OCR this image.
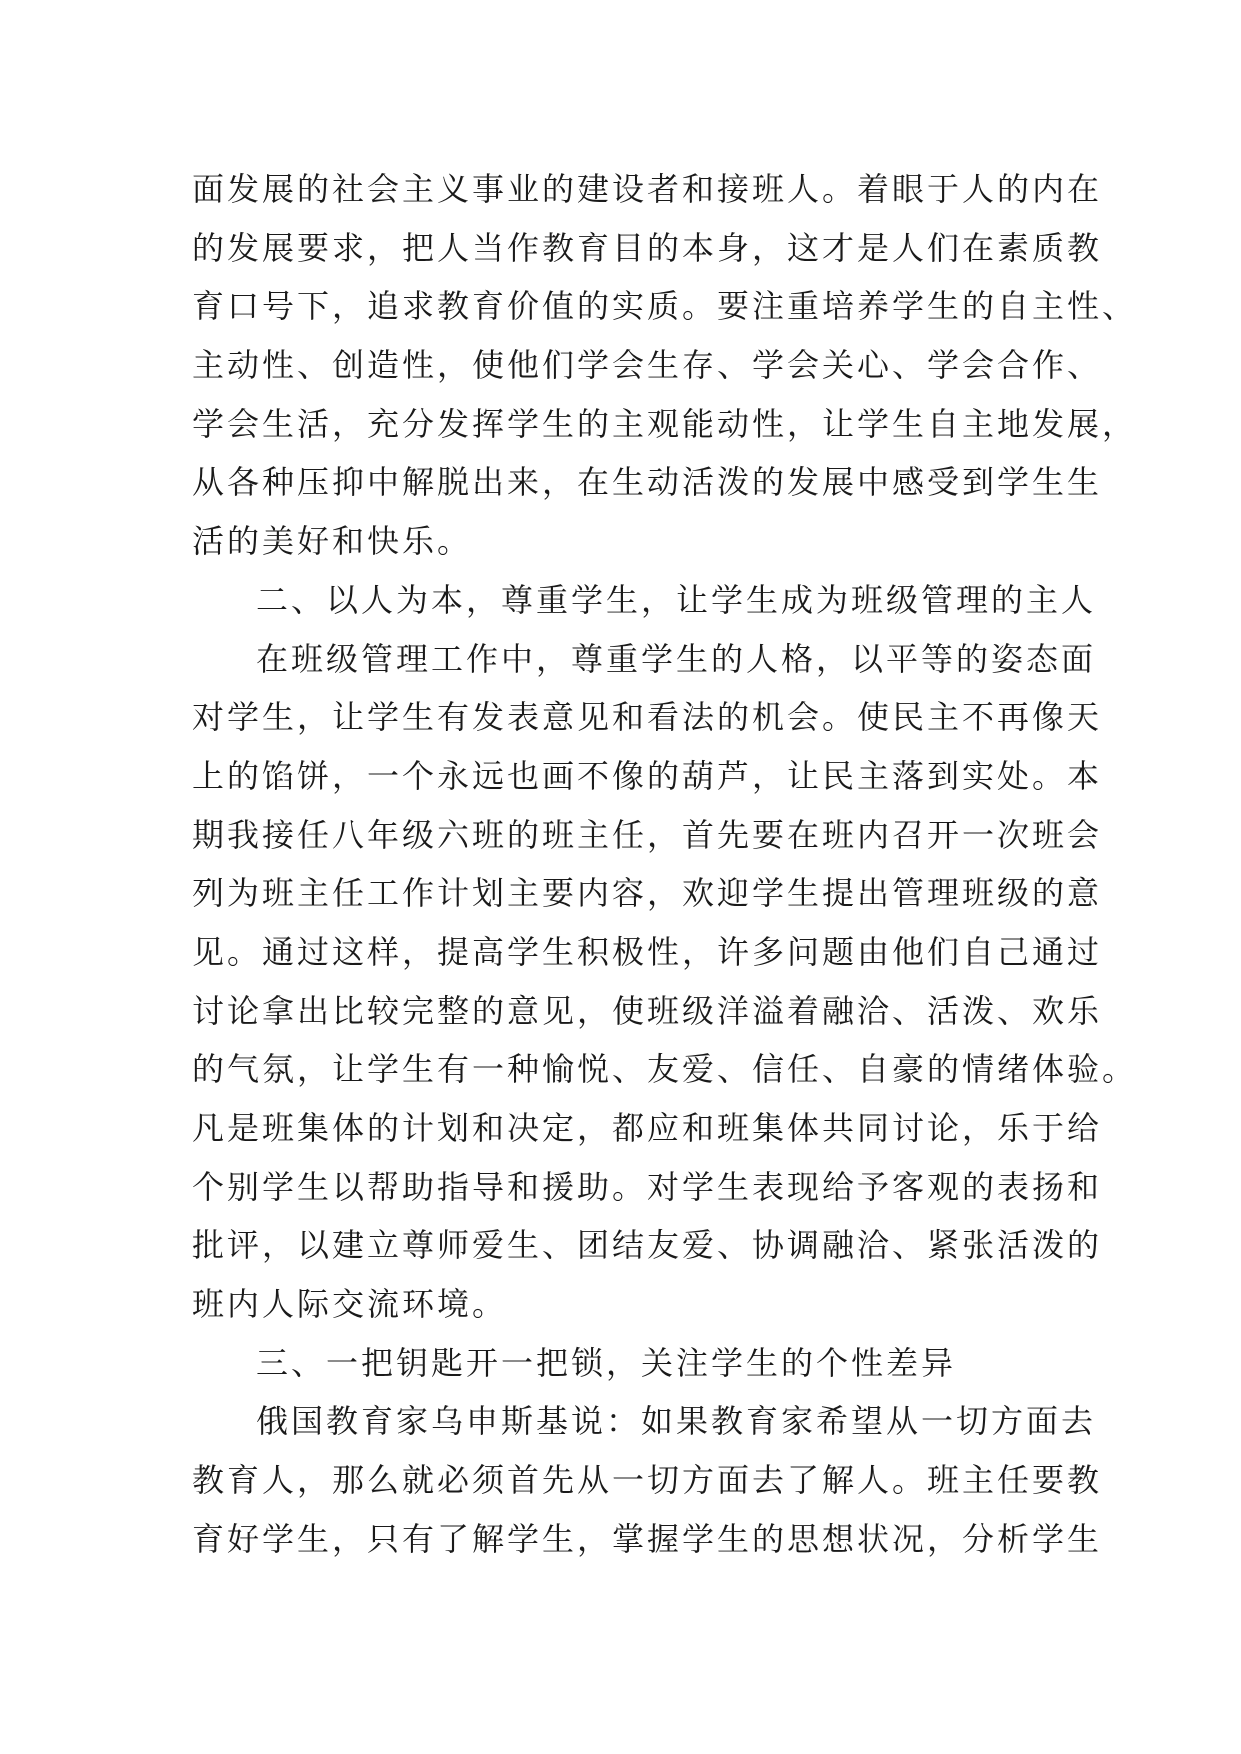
面发展的社会主义事业的建设者和接班人。着眼于人的内在
的发展要求，把人当作教育目的本身，这才是人们在素质教
育口号下，追求教育价值的实质。要注重培养学生的自主性、
主动性、创造性，使他们学会生存、学会关心、学会合作、
学会生活，充分发挥学生的主观能动性，让学生自主地发展，
从各种压抑中解脱出来，在生动活泼的发展中感受到学生生
活的美好和快乐。
二、以人为本，尊重学生，让学生成为班级管理的主人
在班级管理工作中，尊重学生的人格，以平等的姿态面
对学生，让学生有发表意见和看法的机会。使民主不再像天
上的馅饼，一个永远也画不像的葫芦，让民主落到实处。本
期我接任八年级六班的班主任，首先要在班内召开一次班会
列为班主任工作计划主要内容，欢迎学生提出管理班级的意
见。通过这样，提高学生积极性，许多问题由他们自己通过
讨论拿出比较完整的意见，使班级洋溢着融洽、活泼、欢乐
的气氛，让学生有一种愉悦、友爱、信任、自豪的情绪体验。
凡是班集体的计划和决定，都应和班集体共同讨论，乐于给
个别学生以帮助指导和援助。对学生表现给予客观的表扬和
批评，以建立尊师爱生、团结友爱、协调融洽、紧张活泼的
班内人际交流环境。
三、一把钥匙开一把锁，关注学生的个性差异
俄国教育家乌申斯基说：如果教育家希望从一切方面去
教育人，那么就必须首先从一切方面去了解人。班主任要教
育好学生，只有了解学生，掌握学生的思想状况，分析学生
